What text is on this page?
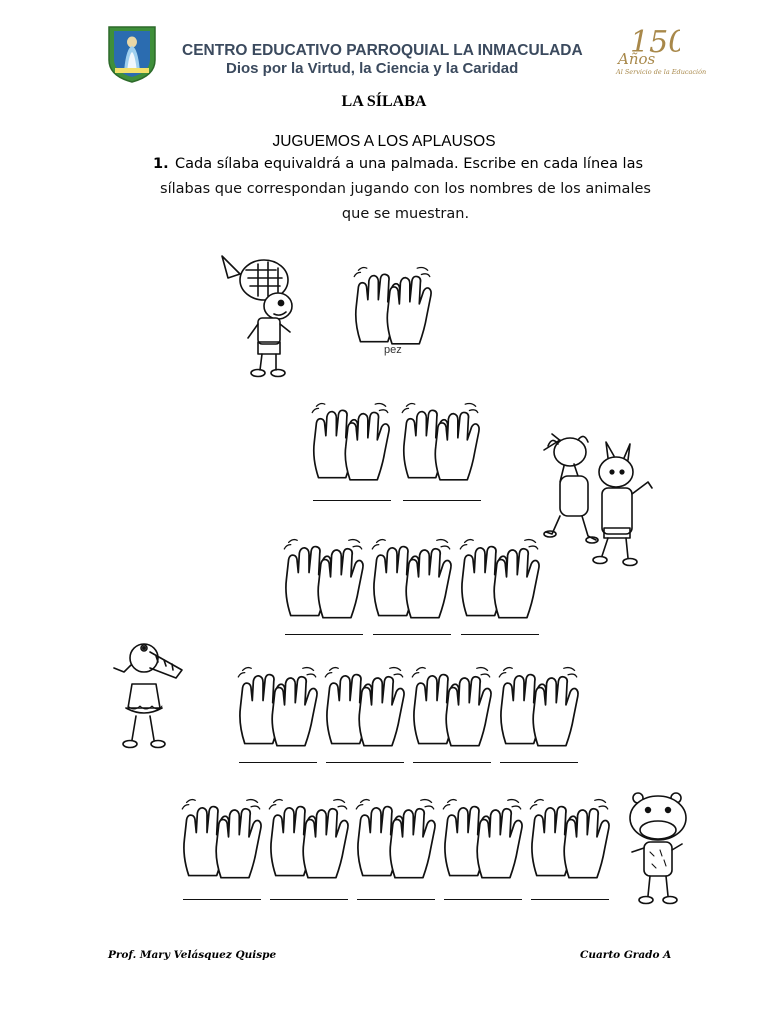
CENTRO EDUCATIVO PARROQUIAL LA INMACULADA
Dios por la Virtud, la Ciencia y la Caridad
15
Años
Al Servicio de la Educación
LA SÍLABA
JUGUEMOS A LOS APLAUSOS
1. Cada sílaba equivaldrá a una palmada. Escribe en cada línea las
sílabas que correspondan jugando con los nombres de los animales
que se muestran.
pez
Prof. Mary Velásquez Quispe	Cuarto Grado A
